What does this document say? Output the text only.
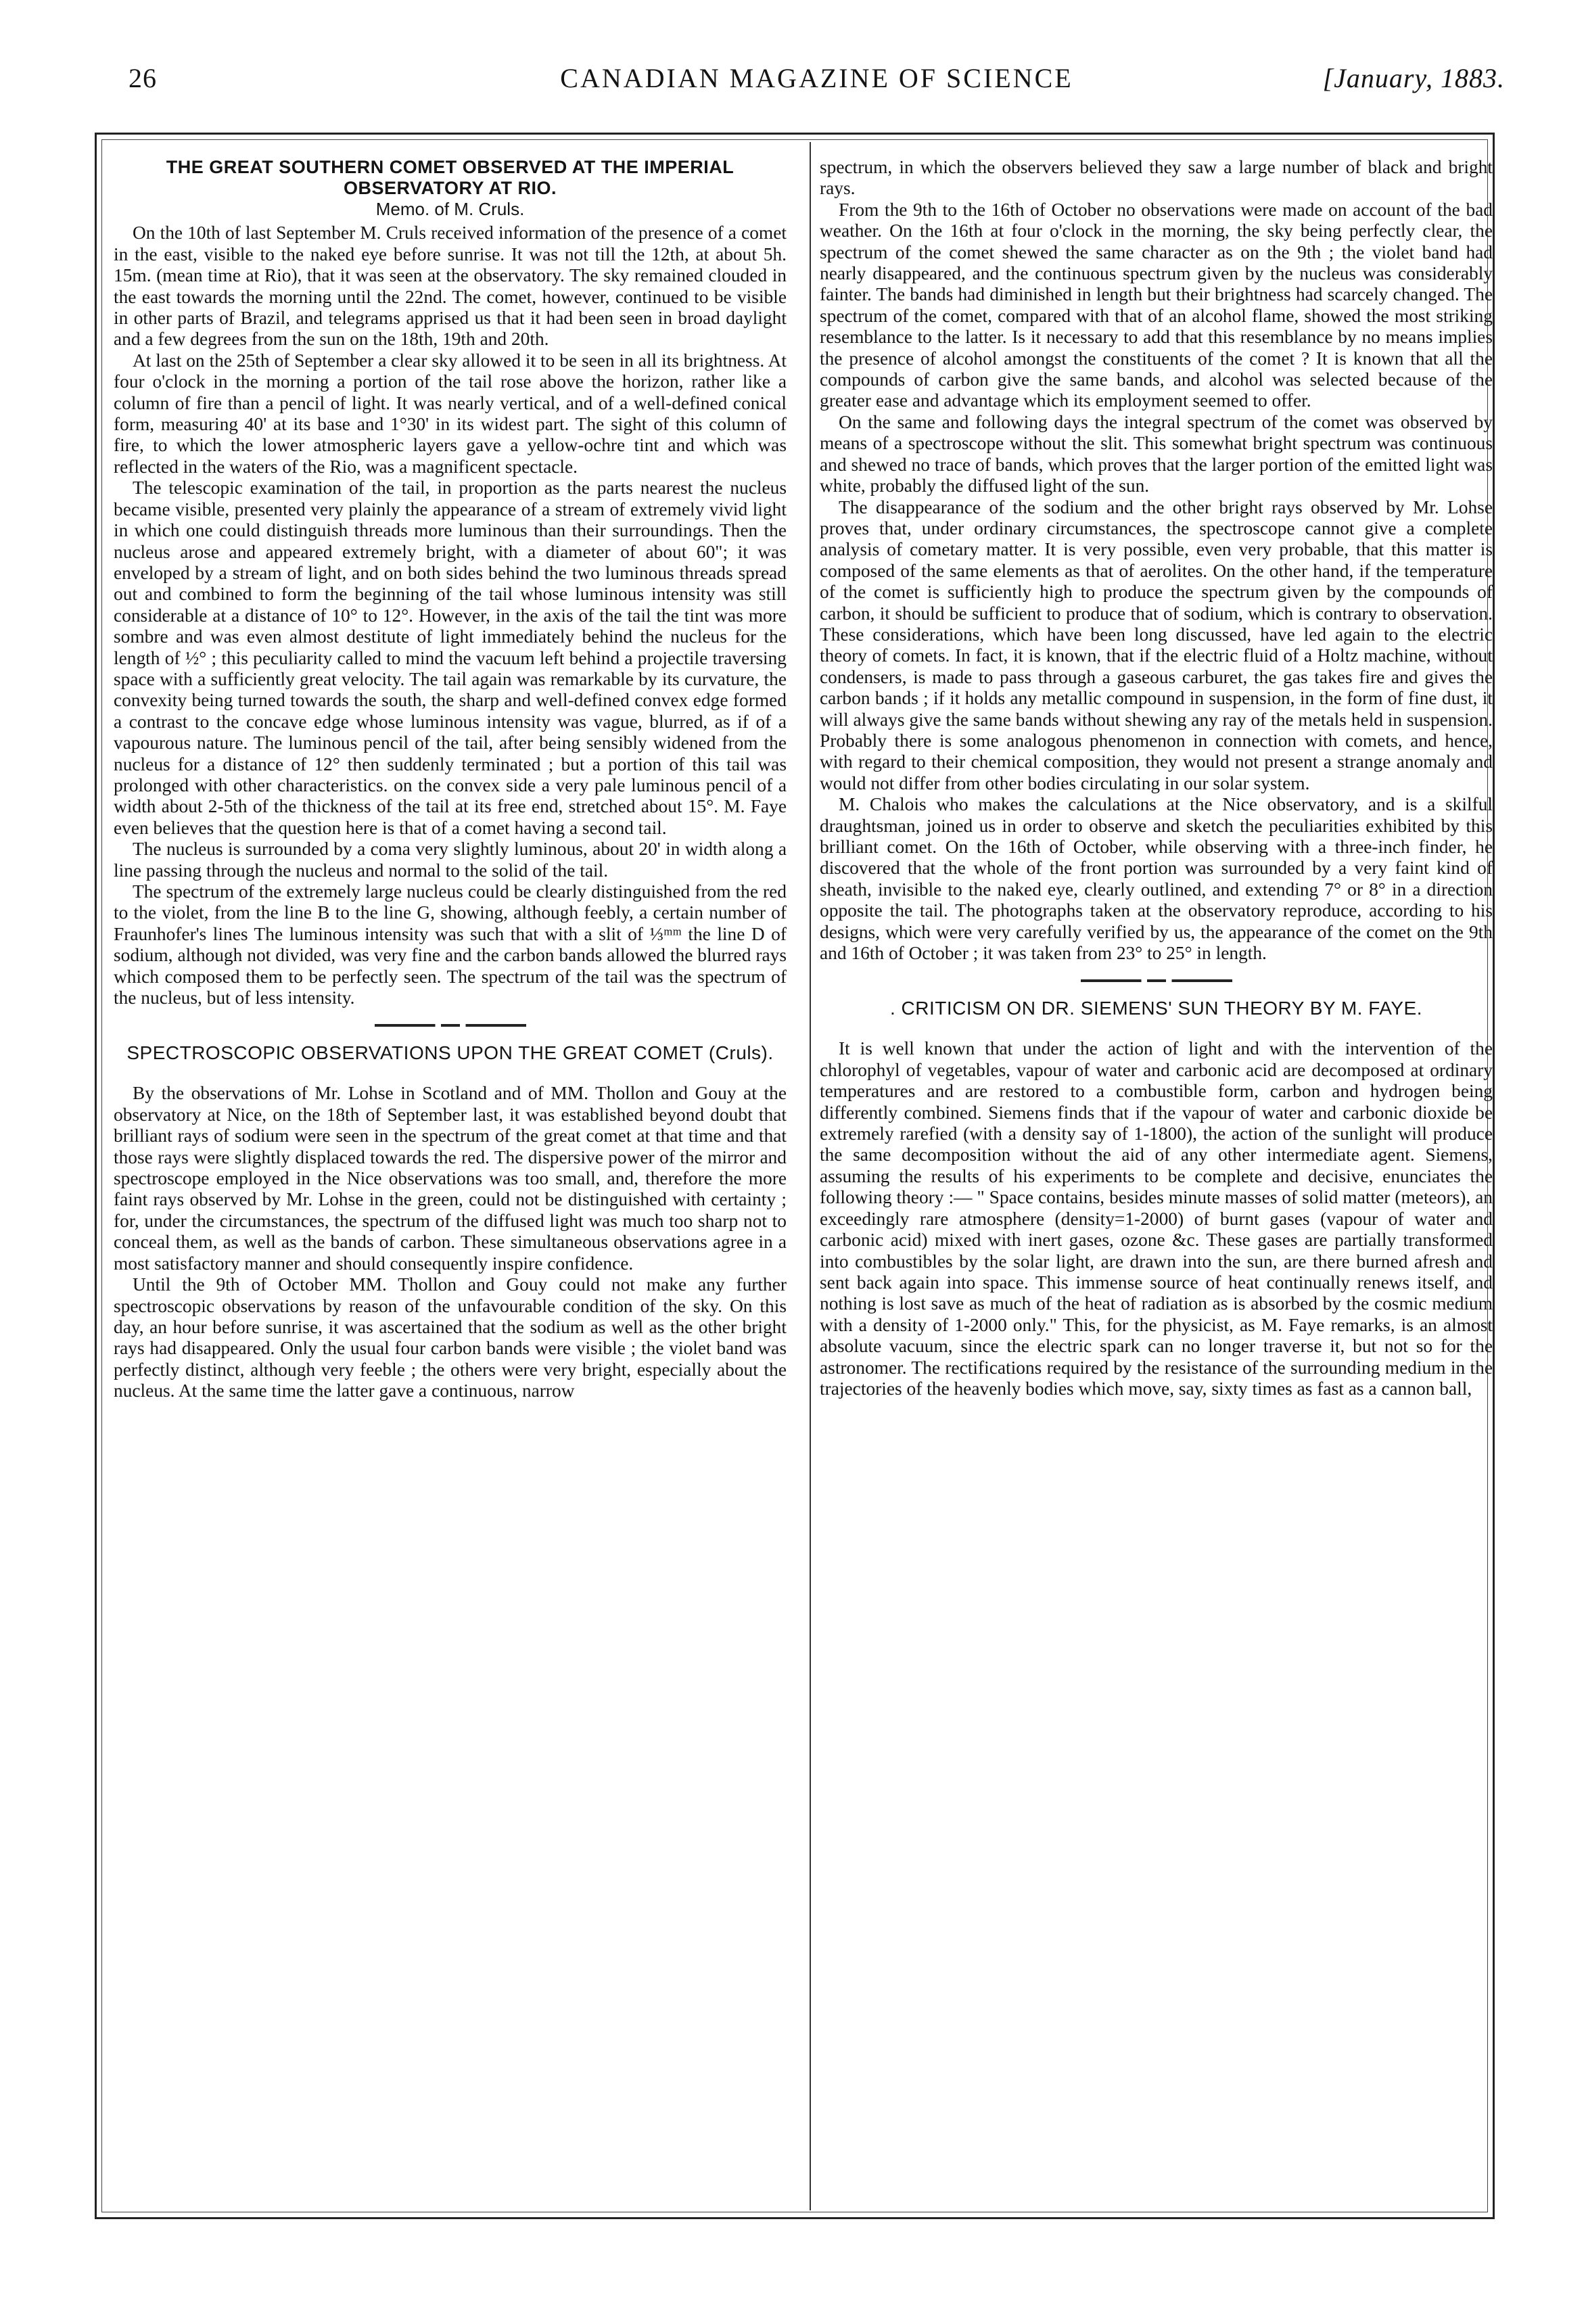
26	CANADIAN MAGAZINE OF SCIENCE	[January, 1883.
THE GREAT SOUTHERN COMET OBSERVED AT THE IMPERIAL OBSERVATORY AT RIO.
Memo. of M. Cruls.

On the 10th of last September M. Cruls received information of the presence of a comet in the east, visible to the naked eye before sunrise. It was not till the 12th, at about 5h. 15m. (mean time at Rio), that it was seen at the observatory. The sky remained clouded in the east towards the morning until the 22nd. The comet, however, continued to be visible in other parts of Brazil, and telegrams apprised us that it had been seen in broad daylight and a few degrees from the sun on the 18th, 19th and 20th.

At last on the 25th of September a clear sky allowed it to be seen in all its brightness. At four o'clock in the morning a portion of the tail rose above the horizon, rather like a column of fire than a pencil of light. It was nearly vertical, and of a well-defined conical form, measuring 40' at its base and 1°30' in its widest part. The sight of this column of fire, to which the lower atmospheric layers gave a yellow-ochre tint and which was reflected in the waters of the Rio, was a magnificent spectacle.

The telescopic examination of the tail, in proportion as the parts nearest the nucleus became visible, presented very plainly the appearance of a stream of extremely vivid light in which one could distinguish threads more luminous than their surroundings. Then the nucleus arose and appeared extremely bright, with a diameter of about 60"; it was enveloped by a stream of light, and on both sides behind the two luminous threads spread out and combined to form the beginning of the tail whose luminous intensity was still considerable at a distance of 10° to 12°. However, in the axis of the tail the tint was more sombre and was even almost destitute of light immediately behind the nucleus for the length of ½° ; this peculiarity called to mind the vacuum left behind a projectile traversing space with a sufficiently great velocity. The tail again was remarkable by its curvature, the convexity being turned towards the south, the sharp and well-defined convex edge formed a contrast to the concave edge whose luminous intensity was vague, blurred, as if of a vapourous nature. The luminous pencil of the tail, after being sensibly widened from the nucleus for a distance of 12° then suddenly terminated ; but a portion of this tail was prolonged with other characteristics. on the convex side a very pale luminous pencil of a width about 2-5th of the thickness of the tail at its free end, stretched about 15°. M. Faye even believes that the question here is that of a comet having a second tail.

The nucleus is surrounded by a coma very slightly luminous, about 20' in width along a line passing through the nucleus and normal to the solid of the tail.

The spectrum of the extremely large nucleus could be clearly distinguished from the red to the violet, from the line B to the line G, showing, although feebly, a certain number of Fraunhofer's lines The luminous intensity was such that with a slit of ⅓ᵐᵐ the line D of sodium, although not divided, was very fine and the carbon bands allowed the blurred rays which composed them to be perfectly seen. The spectrum of the tail was the spectrum of the nucleus, but of less intensity.

SPECTROSCOPIC OBSERVATIONS UPON THE GREAT COMET (Cruls).

By the observations of Mr. Lohse in Scotland and of MM. Thollon and Gouy at the observatory at Nice, on the 18th of September last, it was established beyond doubt that brilliant rays of sodium were seen in the spectrum of the great comet at that time and that those rays were slightly displaced towards the red. The dispersive power of the mirror and spectroscope employed in the Nice observations was too small, and, therefore the more faint rays observed by Mr. Lohse in the green, could not be distinguished with certainty ; for, under the circumstances, the spectrum of the diffused light was much too sharp not to conceal them, as well as the bands of carbon. These simultaneous observations agree in a most satisfactory manner and should consequently inspire confidence.

Until the 9th of October MM. Thollon and Gouy could not make any further spectroscopic observations by reason of the unfavourable condition of the sky. On this day, an hour before sunrise, it was ascertained that the sodium as well as the other bright rays had disappeared. Only the usual four carbon bands were visible ; the violet band was perfectly distinct, although very feeble ; the others were very bright, especially about the nucleus. At the same time the latter gave a continuous, narrow

spectrum, in which the observers believed they saw a large number of black and bright rays.

From the 9th to the 16th of October no observations were made on account of the bad weather. On the 16th at four o'clock in the morning, the sky being perfectly clear, the spectrum of the comet shewed the same character as on the 9th ; the violet band had nearly disappeared, and the continuous spectrum given by the nucleus was considerably fainter. The bands had diminished in length but their brightness had scarcely changed. The spectrum of the comet, compared with that of an alcohol flame, showed the most striking resemblance to the latter. Is it necessary to add that this resemblance by no means implies the presence of alcohol amongst the constituents of the comet ? It is known that all the compounds of carbon give the same bands, and alcohol was selected because of the greater ease and advantage which its employment seemed to offer.

On the same and following days the integral spectrum of the comet was observed by means of a spectroscope without the slit. This somewhat bright spectrum was continuous and shewed no trace of bands, which proves that the larger portion of the emitted light was white, probably the diffused light of the sun.

The disappearance of the sodium and the other bright rays observed by Mr. Lohse proves that, under ordinary circumstances, the spectroscope cannot give a complete analysis of cometary matter. It is very possible, even very probable, that this matter is composed of the same elements as that of aerolites. On the other hand, if the temperature of the comet is sufficiently high to produce the spectrum given by the compounds of carbon, it should be sufficient to produce that of sodium, which is contrary to observation. These considerations, which have been long discussed, have led again to the electric theory of comets. In fact, it is known, that if the electric fluid of a Holtz machine, without condensers, is made to pass through a gaseous carburet, the gas takes fire and gives the carbon bands ; if it holds any metallic compound in suspension, in the form of fine dust, it will always give the same bands without shewing any ray of the metals held in suspension. Probably there is some analogous phenomenon in connection with comets, and hence, with regard to their chemical composition, they would not present a strange anomaly and would not differ from other bodies circulating in our solar system.

M. Chalois who makes the calculations at the Nice observatory, and is a skilful draughtsman, joined us in order to observe and sketch the peculiarities exhibited by this brilliant comet. On the 16th of October, while observing with a three-inch finder, he discovered that the whole of the front portion was surrounded by a very faint kind of sheath, invisible to the naked eye, clearly outlined, and extending 7° or 8° in a direction opposite the tail. The photographs taken at the observatory reproduce, according to his designs, which were very carefully verified by us, the appearance of the comet on the 9th and 16th of October ; it was taken from 23° to 25° in length.

. CRITICISM ON DR. SIEMENS' SUN THEORY BY M. FAYE.

It is well known that under the action of light and with the intervention of the chlorophyl of vegetables, vapour of water and carbonic acid are decomposed at ordinary temperatures and are restored to a combustible form, carbon and hydrogen being differently combined. Siemens finds that if the vapour of water and carbonic dioxide be extremely rarefied (with a density say of 1-1800), the action of the sunlight will produce the same decomposition without the aid of any other intermediate agent. Siemens, assuming the results of his experiments to be complete and decisive, enunciates the following theory :— " Space contains, besides minute masses of solid matter (meteors), an exceedingly rare atmosphere (density=1-2000) of burnt gases (vapour of water and carbonic acid) mixed with inert gases, ozone &c. These gases are partially transformed into combustibles by the solar light, are drawn into the sun, are there burned afresh and sent back again into space. This immense source of heat continually renews itself, and nothing is lost save as much of the heat of radiation as is absorbed by the cosmic medium with a density of 1-2000 only." This, for the physicist, as M. Faye remarks, is an almost absolute vacuum, since the electric spark can no longer traverse it, but not so for the astronomer. The rectifications required by the resistance of the surrounding medium in the trajectories of the heavenly bodies which move, say, sixty times as fast as a cannon ball,
